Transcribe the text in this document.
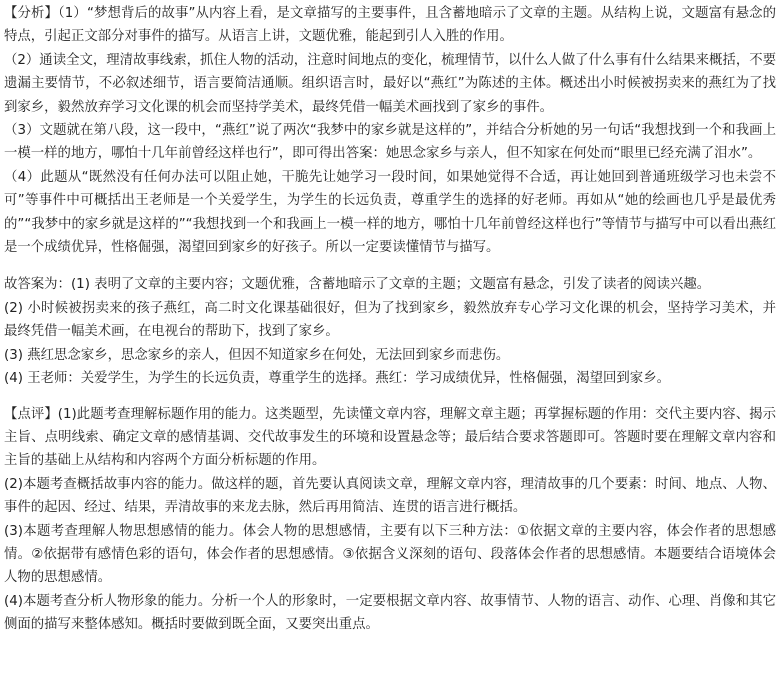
【分析】（1）“梦想背后的故事”从内容上看，是文章描写的主要事件，且含蓄地暗示了文章的主题。从结构上说，文题富有悬念的特点，引起正文部分对事件的描写。从语言上讲，文题优雅，能起到引人入胜的作用。

（2）通读全文，理清故事线索，抓住人物的活动，注意时间地点的变化，梳理情节，以什么人做了什么事有什么结果来概括，不要遗漏主要情节，不必叙述细节，语言要简洁通顺。组织语言时，最好以“燕红”为陈述的主体。概述出小时候被拐卖来的燕红为了找到家乡，毅然放弃学习文化课的机会而坚持学美术，最终凭借一幅美术画找到了家乡的事件。

（3）文题就在第八段，这一段中，“燕红”说了两次“我梦中的家乡就是这样的”，并结合分析她的另一句话“我想找到一个和我画上一模一样的地方，哪怕十几年前曾经这样也行”，即可得出答案：她思念家乡与亲人，但不知家在何处而“眼里已经充满了泪水”。

（4）此题从“既然没有任何办法可以阻止她，干脆先让她学习一段时间，如果她觉得不合适，再让她回到普通班级学习也未尝不可”等事件中可概括出王老师是一个关爱学生，为学生的长远负责，尊重学生的选择的好老师。再如从“她的绘画也几乎是最优秀的”“我梦中的家乡就是这样的”“我想找到一个和我画上一模一样的地方，哪怕十几年前曾经这样也行”等情节与描写中可以看出燕红是一个成绩优异，性格倔强，渴望回到家乡的好孩子。所以一定要读懂情节与描写。

故答案为：(1) 表明了文章的主要内容；文题优雅，含蓄地暗示了文章的主题；文题富有悬念，引发了读者的阅读兴趣。

(2) 小时候被拐卖来的孩子燕红，高二时文化课基础很好，但为了找到家乡，毅然放弃专心学习文化课的机会，坚持学习美术，并最终凭借一幅美术画，在电视台的帮助下，找到了家乡。

(3) 燕红思念家乡，思念家乡的亲人，但因不知道家乡在何处，无法回到家乡而悲伤。

(4) 王老师：关爱学生，为学生的长远负责，尊重学生的选择。燕红：学习成绩优异，性格倔强，渴望回到家乡。

【点评】(1)此题考查理解标题作用的能力。这类题型，先读懂文章内容，理解文章主题；再掌握标题的作用：交代主要内容、揭示主旨、点明线索、确定文章的感情基调、交代故事发生的环境和设置悬念等；最后结合要求答题即可。答题时要在理解文章内容和主旨的基础上从结构和内容两个方面分析标题的作用。

(2)本题考查概括故事内容的能力。做这样的题，首先要认真阅读文章，理解文章内容，理清故事的几个要素：时间、地点、人物、事件的起因、经过、结果，弄清故事的来龙去脉，然后再用简洁、连贯的语言进行概括。

(3)本题考查理解人物思想感情的能力。体会人物的思想感情，主要有以下三种方法：①依据文章的主要内容，体会作者的思想感情。②依据带有感情色彩的语句，体会作者的思想感情。③依据含义深刻的语句、段落体会作者的思想感情。本题要结合语境体会人物的思想感情。

(4)本题考查分析人物形象的能力。分析一个人的形象时，一定要根据文章内容、故事情节、人物的语言、动作、心理、肖像和其它侧面的描写来整体感知。概括时要做到既全面，又要突出重点。
